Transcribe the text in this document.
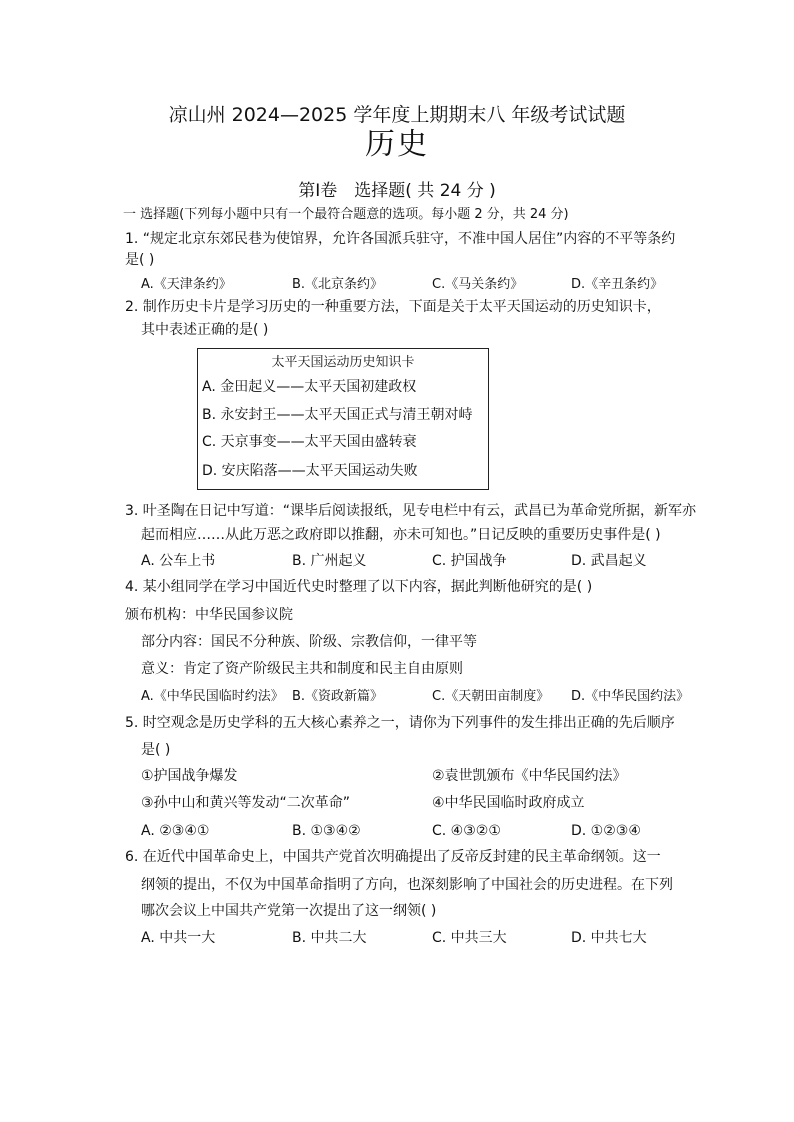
凉山州 2024—2025 学年度上期期末八 年级考试试题
历史
第Ⅰ卷　选择题( 共 24 分 )
一 选择题(下列每小题中只有一个最符合题意的选项。每小题 2 分，共 24 分)
1. “规定北京东郊民巷为使馆界，允许各国派兵驻守，不准中国人居住”内容的不平等条约
是( )
A.《天津条约》	B.《北京条约》	C.《马关条约》	D.《辛丑条约》
2. 制作历史卡片是学习历史的一种重要方法，下面是关于太平天国运动的历史知识卡，
其中表述正确的是( )
太平天国运动历史知识卡
A. 金田起义——太平天国初建政权
B. 永安封王——太平天国正式与清王朝对峙
C. 天京事变——太平天国由盛转衰
D. 安庆陷落——太平天国运动失败
3. 叶圣陶在日记中写道：“课毕后阅读报纸，见专电栏中有云，武昌已为革命党所据，新军亦
起而相应……从此万恶之政府即以推翻，亦未可知也。”日记反映的重要历史事件是( )
A. 公车上书	B. 广州起义	C. 护国战争	D. 武昌起义
4. 某小组同学在学习中国近代史时整理了以下内容，据此判断他研究的是( )
颁布机构：中华民国参议院
部分内容：国民不分种族、阶级、宗教信仰，一律平等
意义：肯定了资产阶级民主共和制度和民主自由原则
A.《中华民国临时约法》 B.《资政新篇》	C.《天朝田亩制度》 D.《中华民国约法》
5. 时空观念是历史学科的五大核心素养之一，请你为下列事件的发生排出正确的先后顺序
是( )
①护国战争爆发	②袁世凯颁布《中华民国约法》
③孙中山和黄兴等发动“二次革命”	④中华民国临时政府成立
A. ②③④①	B. ①③④②	C. ④③②①	D. ①②③④
6. 在近代中国革命史上，中国共产党首次明确提出了反帝反封建的民主革命纲领。这一
纲领的提出，不仅为中国革命指明了方向，也深刻影响了中国社会的历史进程。在下列
哪次会议上中国共产党第一次提出了这一纲领( )
A. 中共一大	B. 中共二大	C. 中共三大	D. 中共七大
